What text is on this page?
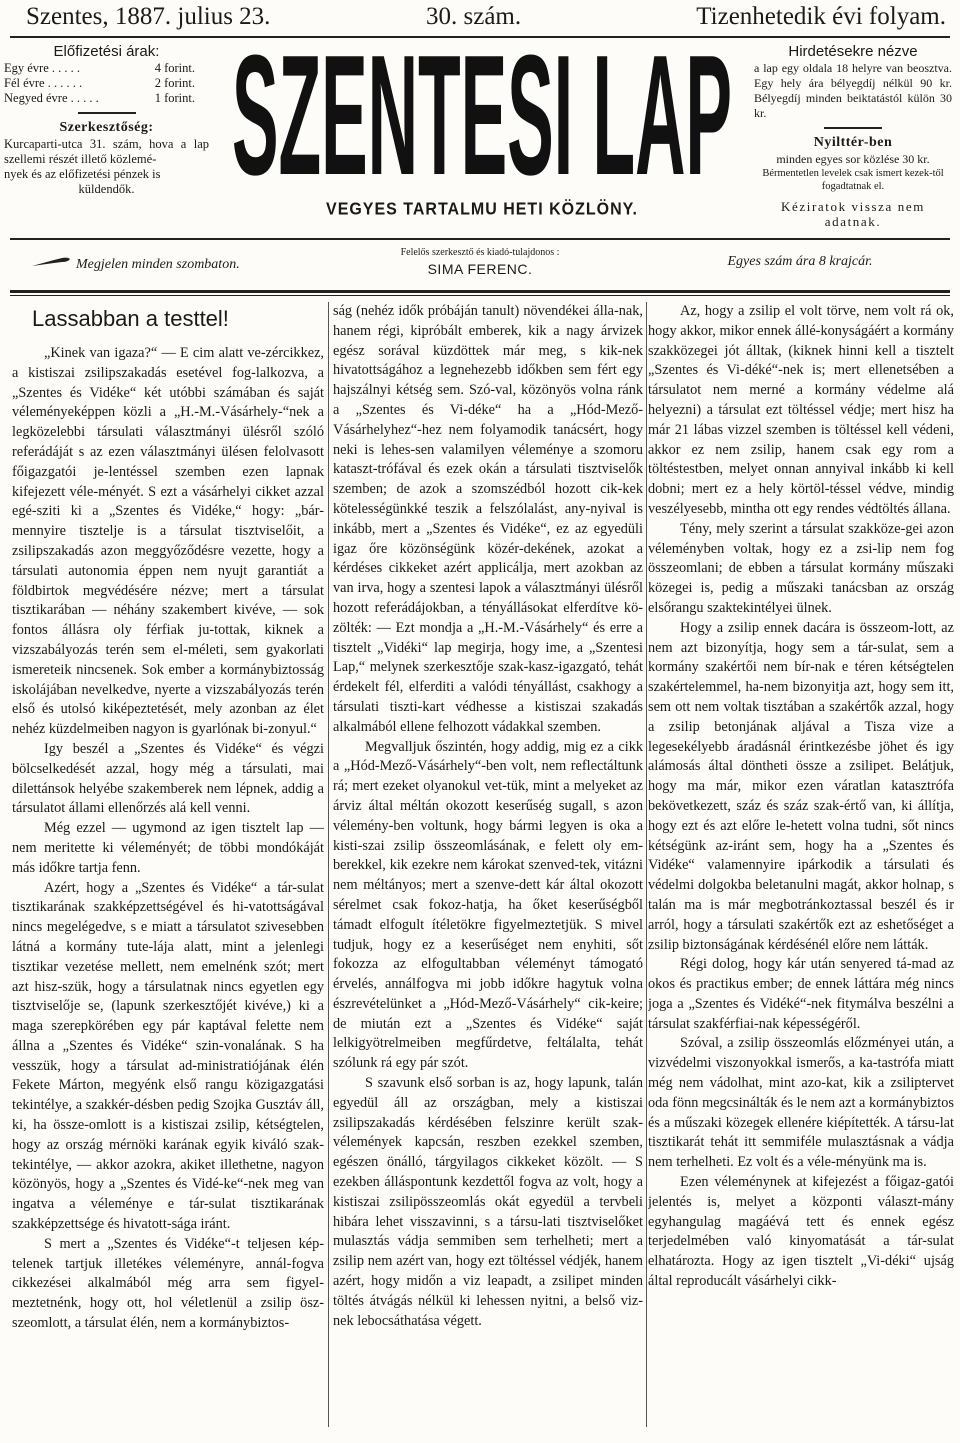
Szentes, 1887. julius 23.	30. szám.	Tizenhetedik évi folyam.
Előfizetési árak:
Egy évre . . . . .	4 forint.
Fél évre . . . . . .	2 forint.
Negyed évre . . . . .	1 forint.
Szerkesztőség:
Kurcaparti-utca 31. szám, hova a lap szellemi részét illető közlemé-
nyek és az előfizetési pénzek is
küldendők. SZENTESI LAP
VEGYES TARTALMU HETI KÖZLÖNY.
Hirdetésekre nézve
a lap egy oldala 18 helyre van beosztva. Egy hely ára bélyegdíj nélkül 90 kr. Bélyegdíj minden beiktatástól külön 30 kr.
Nyilttér-ben
minden egyes sor közlése 30 kr.
Bérmentetlen levelek csak ismert kezek-től fogadtatnak el.
Kéziratok vissza nem adatnak.
Megjelen minden szombaton.
Felelős szerkesztő és kiadó-tulajdonos :
SIMA FERENC.	Egyes szám ára 8 krajcár.
Lassabban a testtel!

„Kinek van igaza?“ — E cim alatt ve-zércikkez, a kistiszai zsilipszakadás esetével fog-lalkozva, a „Szentes és Vidéke“ két utóbbi számában és saját véleményeképpen közli a „H.-M.-Vásárhely-“nek a legközelebbi társulati választmányi ülésről szóló referádáját s az ezen választmányi ülésen felolvasott főigazgatói je-lentéssel szemben ezen lapnak kifejezett véle-ményét. S ezt a vásárhelyi cikket azzal egé-sziti ki a „Szentes és Vidéke,“ hogy: „bár-mennyire tisztelje is a társulat tisztviselőit, a zsilipszakadás azon meggyőződésre vezette, hogy a társulati autonomia éppen nem nyujt garantiát a földbirtok megvédésére nézve; mert a társulat tisztikarában — néhány szakembert kivéve, — sok fontos állásra oly férfiak ju-tottak, kiknek a vizszabályozás terén sem el-méleti, sem gyakorlati ismereteik nincsenek. Sok ember a kormánybiztosság iskolájában nevelkedve, nyerte a vizszabályozás terén első és utolsó kiképeztetését, mely azonban az élet nehéz küzdelmeiben nagyon is gyarlónak bi-zonyul.“

Igy beszél a „Szentes és Vidéke“ és végzi bölcselkedését azzal, hogy még a társulati, mai dilettánsok helyébe szakemberek nem lépnek, addig a társulatot állami ellenőrzés alá kell venni.

Még ezzel — ugymond az igen tisztelt lap — nem meritette ki véleményét; de többi mondókáját más időkre tartja fenn.

Azért, hogy a „Szentes és Vidéke“ a tár-sulat tisztikarának szakképzettségével és hi-vatottságával nincs megelégedve, s e miatt a társulatot szivesebben látná a kormány tute-lája alatt, mint a jelenlegi tisztikar vezetése mellett, nem emelnénk szót; mert azt hisz-szük, hogy a társulatnak nincs egyetlen egy tisztviselője se, (lapunk szerkesztőjét kivéve,) ki a maga szerepkörében egy pár kaptával felette nem állna a „Szentes és Vidéke“ szin-vonalának. S ha vesszük, hogy a társulat ad-ministratiójának élén Fekete Márton, megyénk első rangu közigazgatási tekintélye, a szakkér-désben pedig Szojka Gusztáv áll, ki, ha össze-omlott is a kistiszai zsilip, kétségtelen, hogy az ország mérnöki karának egyik kiváló szak-tekintélye, — akkor azokra, akiket illethetne, nagyon közönyös, hogy a „Szentes és Vidé-ke“-nek meg van ingatva a véleménye e tár-sulat tisztikarának szakképzettsége és hivatott-sága iránt.

S mert a „Szentes és Vidéke“-t teljesen kép-telenek tartjuk illetékes véleményre, annál-fogva cikkezései alkalmából még arra sem figyel-meztetnénk, hogy ott, hol véletlenül a zsilip ösz-szeomlott, a társulat élén, nem a kormánybiztos-

ság (nehéz idők próbáján tanult) növendékei álla-nak, hanem régi, kipróbált emberek, kik a nagy árvizek egész sorával küzdöttek már meg, s kik-nek hivatottságához a legnehezebb időkben sem fért egy hajszálnyi kétség sem. Szó-val, közönyös volna ránk a „Szentes és Vi-déke“ ha a „Hód-Mező-Vásárhelyhez“-hez nem folyamodik tanácsért, hogy neki is lehes-sen valamilyen véleménye a szomoru kataszt-trófával és ezek okán a társulati tisztviselők szemben; de azok a szomszédból hozott cik-kek kötelességünkké teszik a felszólalást, any-nyival is inkább, mert a „Szentes és Vidéke“, ez az egyedüli igaz őre közönségünk közér-dekének, azokat a kérdéses cikkeket azért applicálja, mert azokban az van irva, hogy a szentesi lapok a választmányi ülésről hozott referádájokban, a tényállásokat elferdítve kö-zölték: — Ezt mondja a „H.-M.-Vásárhely“ és erre a tisztelt „Vidéki“ lap megirja, hogy ime, a „Szentesi Lap,“ melynek szerkesztője szak-kasz-igazgató, tehát érdekelt fél, elferditi a valódi tényállást, csakhogy a társulati tiszti-kart védhesse a kistiszai szakadás alkalmából ellene felhozott vádakkal szemben.

Megvalljuk őszintén, hogy addig, mig ez a cikk a „Hód-Mező-Vásárhely“-ben volt, nem reflectáltunk rá; mert ezeket olyanokul vet-tük, mint a melyeket az árviz által méltán okozott keserűség sugall, s azon vélemény-ben voltunk, hogy bármi legyen is oka a kisti-szai zsilip összeomlásának, e felett oly em-berekkel, kik ezekre nem károkat szenved-tek, vitázni nem méltányos; mert a szenve-dett kár által okozott sérelmet csak fokoz-hatja, ha őket keserűségből támadt elfogult ítéletökre figyelmeztetjük. S mivel tudjuk, hogy ez a keserűséget nem enyhiti, sőt fokozza az elfogultabban véleményt támogató érvelés, annálfogva mi jobb időkre hagytuk volna észrevételünket a „Hód-Mező-Vásárhely“ cik-keire; de miután ezt a „Szentes és Vidéke“ saját lelkigyötrelmeiben megfűrdetve, feltálalta, tehát szólunk rá egy pár szót.

S szavunk első sorban is az, hogy lapunk, talán egyedül áll az országban, mely a kistiszai zsilipszakadás kérdésében felszinre került szak-vélemények kapcsán, reszben ezekkel szemben, egészen önálló, tárgyilagos cikkeket közölt. — S ezekben álláspontunk kezdettől fogva az volt, hogy a kistiszai zsilipösszeomlás okát egyedül a tervbeli hibára lehet visszavinni, s a társu-lati tisztviselőket mulasztás vádja semmiben sem terhelheti; mert a zsilip nem azért van, hogy ezt töltéssel védjék, hanem azért, hogy midőn a viz leapadt, a zsilipet minden töltés átvágás nélkül ki lehessen nyitni, a belső viz-nek lebocsáthatása végett.

Az, hogy a zsilip el volt törve, nem volt rá ok, hogy akkor, mikor ennek állé-konyságáért a kormány szakközegei jót álltak, (kiknek hinni kell a tisztelt „Szentes és Vi-déké“-nek is; mert ellenetsében a társulatot nem merné a kormány védelme alá helyezni) a társulat ezt töltéssel védje; mert hisz ha már 21 lábas vizzel szemben is töltéssel kell védeni, akkor ez nem zsilip, hanem csak egy rom a töltéstestben, melyet onnan annyival inkább ki kell dobni; mert ez a hely körtöl-téssel védve, mindig veszélyesebb, mintha ott egy rendes védtöltés állana.

Tény, mely szerint a társulat szakköze-gei azon véleményben voltak, hogy ez a zsi-lip nem fog összeomlani; de ebben a társulat kormány műszaki közegei is, pedig a műszaki tanácsban az ország elsőrangu szaktekintélyei ülnek.

Hogy a zsilip ennek dacára is összeom-lott, az nem azt bizonyítja, hogy sem a tár-sulat, sem a kormány szakértői nem bír-nak e téren kétségtelen szakértelemmel, ha-nem bizonyitja azt, hogy sem itt, sem ott nem voltak tisztában a szakértők azzal, hogy a zsilip betonjának aljával a Tisza vize a legesekélyebb áradásnál érintkezésbe jöhet és igy alámosás által döntheti össze a zsilipet. Belátjuk, hogy ma már, mikor ezen váratlan katasztrófa bekövetkezett, száz és száz szak-értő van, ki állítja, hogy ezt és azt előre le-hetett volna tudni, sőt nincs kétségünk az-iránt sem, hogy ha a „Szentes és Vidéke“ valamennyire ipárkodik a társulati és védelmi dolgokba beletanulni magát, akkor holnap, s talán ma is már megbotránkoztassal beszél és ir arról, hogy a társulati szakértők ezt az eshetőséget a zsilip biztonságának kérdésénél előre nem látták.

Régi dolog, hogy kár után senyered tá-mad az okos és practikus ember; de ennek láttára még nincs joga a „Szentes és Vidéké“-nek fitymálva beszélni a társulat szakférfiai-nak képességéről.

Szóval, a zsilip összeomlás előzményei után, a vizvédelmi viszonyokkal ismerős, a ka-tastrófa miatt még nem vádolhat, mint azo-kat, kik a zsiliptervet oda fönn megcsinálták és le nem azt a kormánybiztos és a műszaki közegek ellenére kiépítették. A társu-lat tisztikarát tehát itt semmiféle mulasztásnak a vádja nem terhelheti. Ez volt és a véle-ményünk ma is.

Ezen véleménynek at kifejezést a főigaz-gatói jelentés is, melyet a központi választ-mány egyhangulag magáévá tett és ennek egész terjedelmében való kinyomatását a tár-sulat elhatározta. Hogy az igen tisztelt „Vi-déki“ ujság által reproducált vásárhelyi cikk-
